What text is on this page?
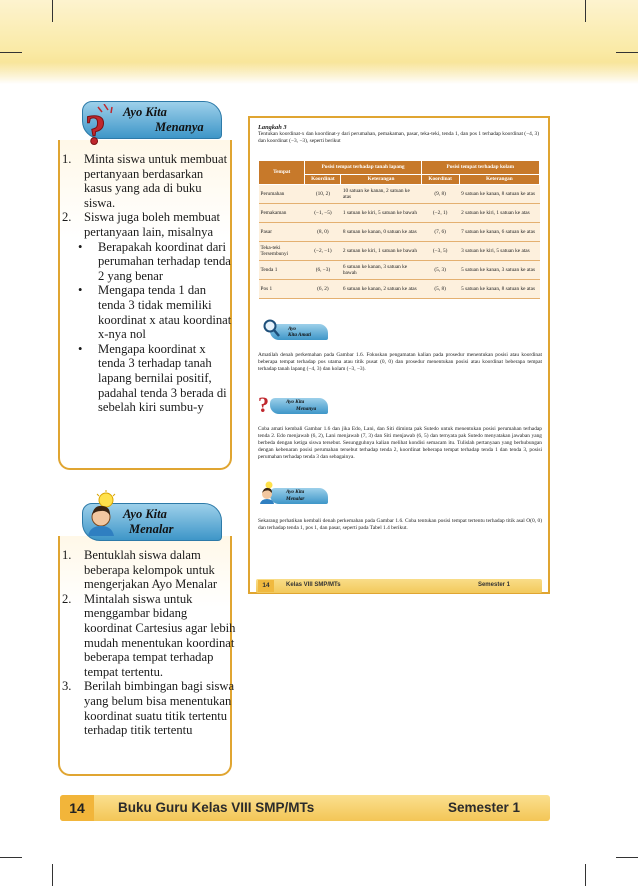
Ayo Kita
Menanya
?
1. Minta siswa untuk membuat pertanyaan berdasarkan kasus yang ada di buku siswa.
2. Siswa juga boleh membuat pertanyaan lain, misalnya
• Berapakah koordinat dari perumahan terhadap tenda 2 yang benar
• Mengapa tenda 1 dan tenda 3 tidak memiliki koordinat x atau koordinat x-nya nol
• Mengapa koordinat x tenda 3 terhadap tanah lapang bernilai positif, padahal tenda 3 berada di sebelah kiri sumbu-y
Ayo Kita
Menalar
1. Bentuklah siswa dalam beberapa kelompok untuk mengerjakan Ayo Menalar
2. Mintalah siswa untuk menggambar bidang koordinat Cartesius agar lebih mudah menentukan koordinat beberapa tempat terhadap tempat tertentu.
3. Berilah bimbingan bagi siswa yang belum bisa menentukan koordinat suatu titik tertentu terhadap titik tertentu
Langkah 3
Tentukan koordinat-x dan koordinat-y dari perumahan, pemakaman, pasar, teka-teki, tenda 1, dan pos 1 terhadap koordinat (−4, 3) dan koordinat (−3, −3), seperti berikut
Tempat	Posisi tempat terhadap tanah lapang		Posisi tempat terhadap kolam	
	Koordinat	Keterangan	Koordinat	Keterangan
Perumahan	(10, 2)	10 satuan ke kanan, 2 satuan ke atas	(9, 8)	9 satuan ke kanan, 8 satuan ke atas
Pemakaman	(−1, −5)	1 satuan ke kiri, 5 satuan ke bawah	(−2, 1)	2 satuan ke kiri, 1 satuan ke atas
Pasar	(8, 0)	8 satuan ke kanan, 0 satuan ke atas	(7, 6)	7 satuan ke kanan, 6 satuan ke atas
Teka-teki Tersembunyi	(−2, −1)	2 satuan ke kiri, 1 satuan ke bawah	(−3, 5)	3 satuan ke kiri, 5 satuan ke atas
Tenda 1	(6, −3)	6 satuan ke kanan, 3 satuan ke bawah	(5, 3)	5 satuan ke kanan, 3 satuan ke atas
Pos 1	(6, 2)	6 satuan ke kanan, 2 satuan ke atas	(5, 8)	5 satuan ke kanan, 8 satuan ke atas
Ayo
Kita Amati
Amatilah denah perkemahan pada Gambar 1.6. Fokuskan pengamatan kalian pada prosedur menentukan posisi atau koordinat beberapa tempat terhadap pos utama atau titik pusat (0, 0) dan prosedur menentukan posisi atau koordinat beberapa tempat terhadap tanah lapang (−4, 3) dan kolam (−3, −3).
Ayo Kita
Menanya
?
Coba amati kembali Gambar 1.6 dan jika Edo, Lani, dan Siti diminta pak Sutedo untuk menentukan posisi perumahan terhadap tenda 2. Edo menjawab (6, 2), Lani menjawab (7, 3) dan Siti menjawab (6, 5) dan ternyata pak Sutedo menyatakan jawaban yang berbeda dengan ketiga siswa tersebut. Sesungguhnya kalian melihat kondisi semacam itu. Tulislah pertanyaan yang berhubungan dengan kebenaran posisi perumahan tersebut terhadap tenda 2, koordinat beberapa tempat terhadap tenda 1 dan tenda 3, posisi perumahan terhadap tenda 3 dan sebagainya.
Ayo Kita
Menalar
Sekarang perhatikan kembali denah perkemahan pada Gambar 1.6. Coba tentukan posisi tempat tertentu terhadap titik asal O(0, 0) dan terhadap tenda 1, pos 1, dan pasar, seperti pada Tabel 1.4 berikut.
14	Kelas VIII SMP/MTs	Semester 1
14	Buku Guru Kelas VIII SMP/MTs	Semester 1
